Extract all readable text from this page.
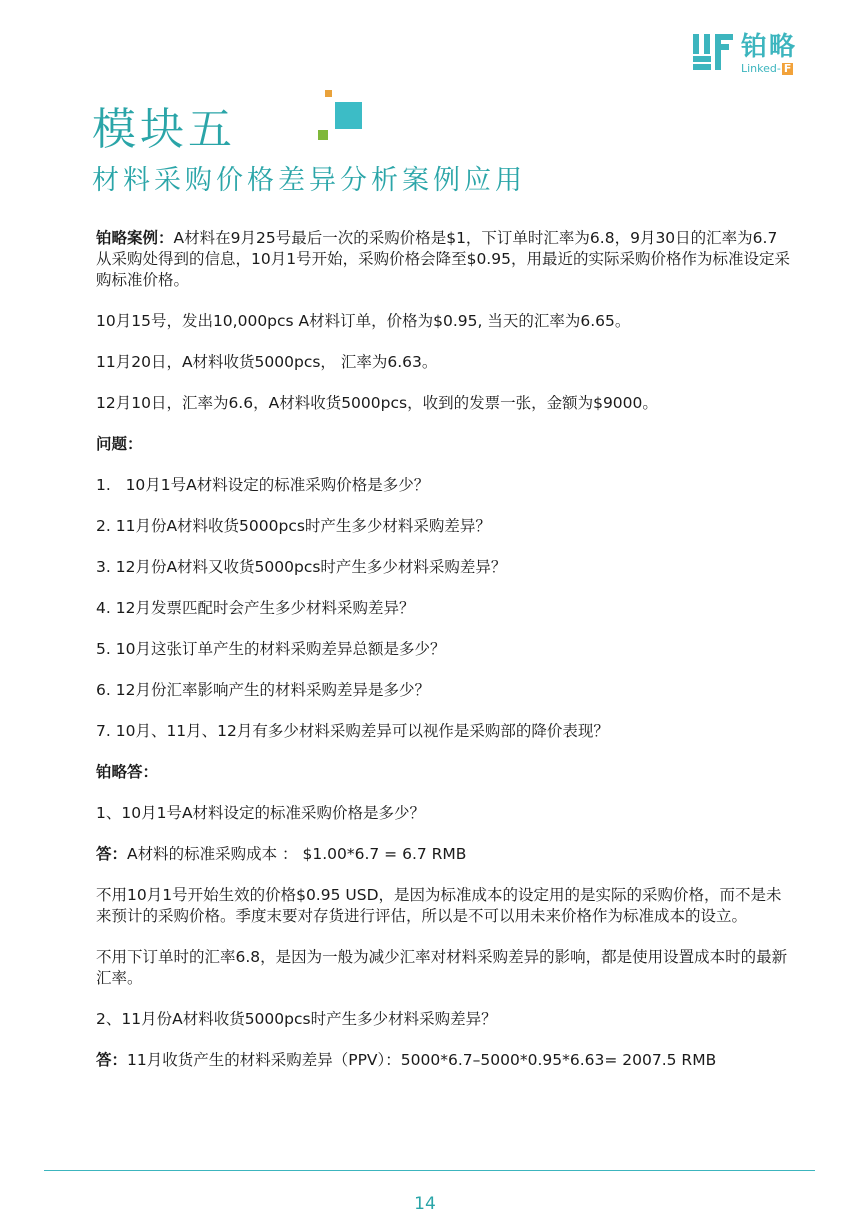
铂略
Linked- F
模块五
材料采购价格差异分析案例应用
铂略案例：A材料在9月25号最后一次的采购价格是$1，下订单时汇率为6.8，9月30日的汇率为6.7 从采购处得到的信息，10月1号开始，采购价格会降至$0.95，用最近的实际采购价格作为标准设定采购标准价格。
10月15号，发出10,000pcs A材料订单，价格为$0.95, 当天的汇率为6.65。
11月20日，A材料收货5000pcs， 汇率为6.63。
12月10日，汇率为6.6，A材料收货5000pcs，收到的发票一张，金额为$9000。
问题：
1.   10月1号A材料设定的标准采购价格是多少？
2. 11月份A材料收货5000pcs时产生多少材料采购差异？
3. 12月份A材料又收货5000pcs时产生多少材料采购差异？
4. 12月发票匹配时会产生多少材料采购差异？
5. 10月这张订单产生的材料采购差异总额是多少？
6. 12月份汇率影响产生的材料采购差异是多少？
7. 10月、11月、12月有多少材料采购差异可以视作是采购部的降价表现？
铂略答：
1、10月1号A材料设定的标准采购价格是多少？
答：A材料的标准采购成本 ： $1.00*6.7 = 6.7 RMB
不用10月1号开始生效的价格$0.95 USD，是因为标准成本的设定用的是实际的采购价格，而不是未来预计的采购价格。季度末要对存货进行评估，所以是不可以用未来价格作为标准成本的设立。
不用下订单时的汇率6.8，是因为一般为减少汇率对材料采购差异的影响，都是使用设置成本时的最新汇率。
2、11月份A材料收货5000pcs时产生多少材料采购差异？
答：11月收货产生的材料采购差异（PPV）：5000*6.7–5000*0.95*6.63= 2007.5 RMB
14
